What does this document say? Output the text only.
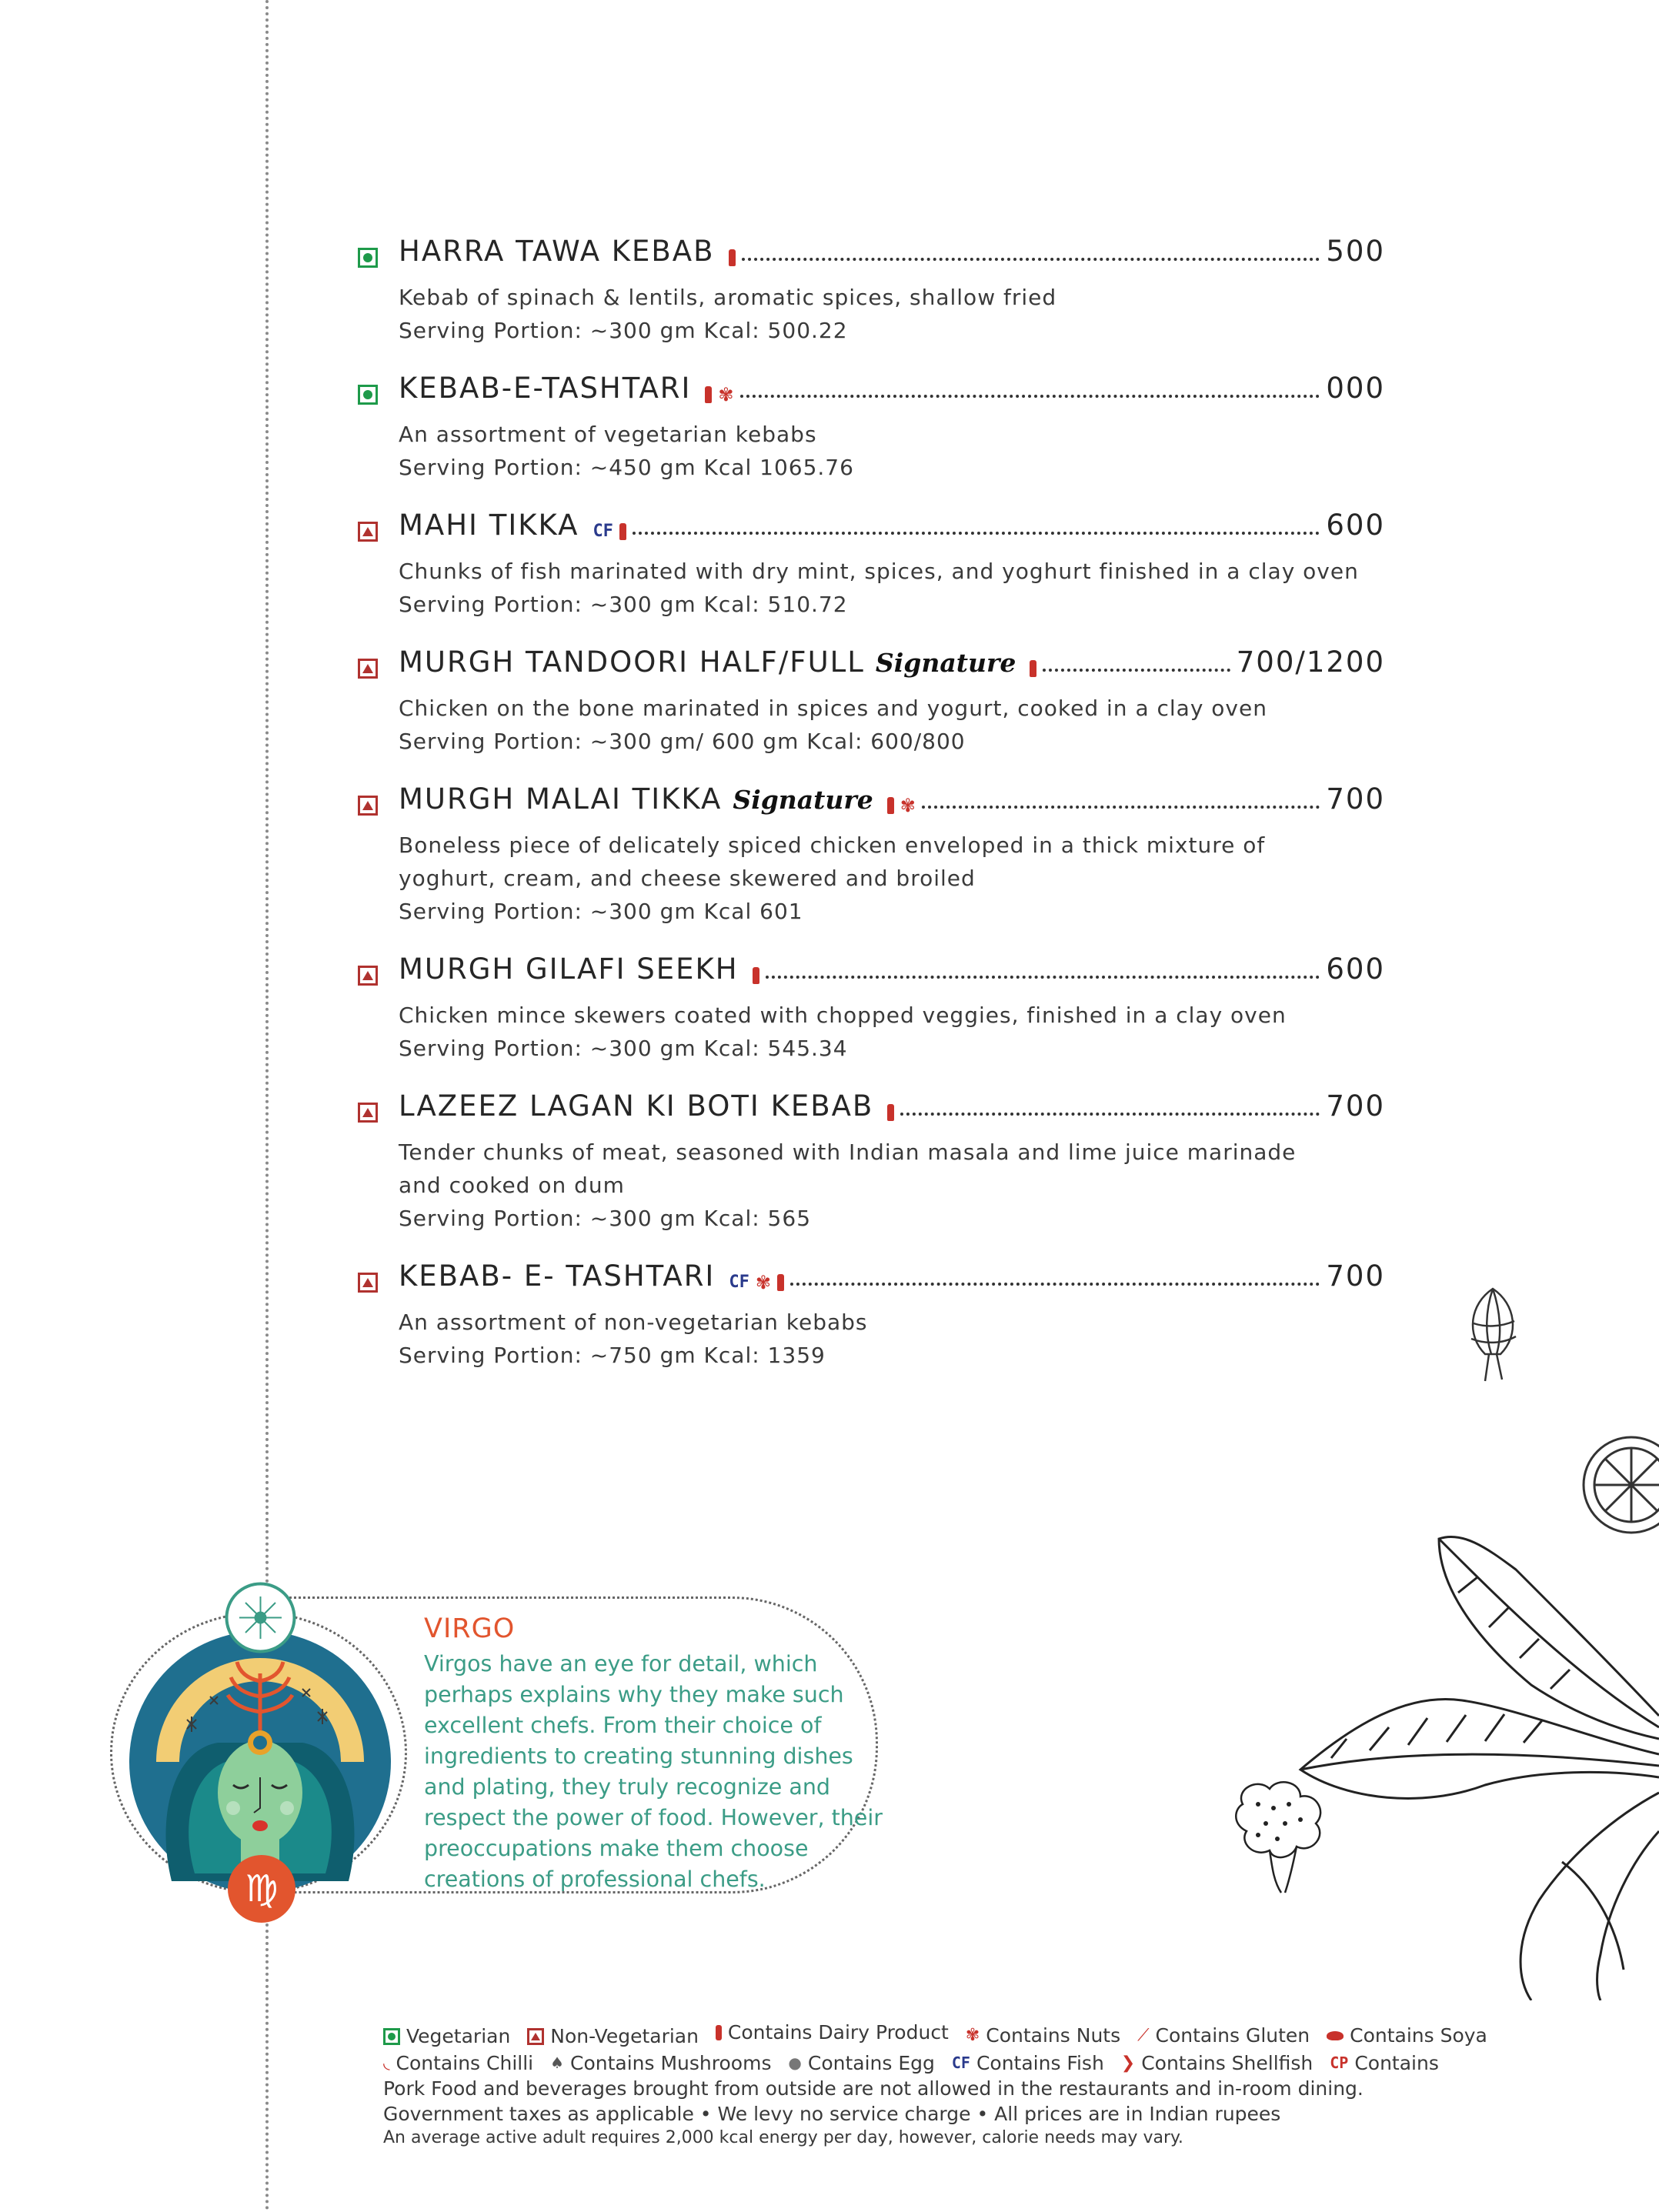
HARRA TAWA KEBAB	500
Kebab of spinach & lentils, aromatic spices, shallow fried
Serving Portion: ~300 gm Kcal: 500.22
KEBAB-E-TASHTARI	✾	000
An assortment of vegetarian kebabs
Serving Portion: ~450 gm Kcal 1065.76
MAHI TIKKA CF	600
Chunks of fish marinated with dry mint, spices, and yoghurt finished in a clay oven
Serving Portion: ~300 gm Kcal: 510.72
MURGH TANDOORI HALF/FULL Signature	700/1200
Chicken on the bone marinated in spices and yogurt, cooked in a clay oven
Serving Portion: ~300 gm/ 600 gm Kcal: 600/800
MURGH MALAI TIKKA Signature	✾	700
Boneless piece of delicately spiced chicken enveloped in a thick mixture of
yoghurt, cream, and cheese skewered and broiled
Serving Portion: ~300 gm Kcal 601
MURGH GILAFI SEEKH	600
Chicken mince skewers coated with chopped veggies, finished in a clay oven
Serving Portion: ~300 gm Kcal: 545.34
LAZEEZ LAGAN KI BOTI KEBAB	700
Tender chunks of meat, seasoned with Indian masala and lime juice marinade
and cooked on dum
Serving Portion: ~300 gm Kcal: 565
KEBAB- E- TASHTARI CF ✾	700
An assortment of non-vegetarian kebabs
Serving Portion: ~750 gm Kcal: 1359
♍
VIRGO
Virgos have an eye for detail, which perhaps explains why they make such excellent chefs. From their choice of ingredients to creating stunning dishes and plating, they truly recognize and respect the power of food. However, their preoccupations make them choose creations of professional chefs.
Vegetarian
Non-Vegetarian
Contains Dairy Product
✾ Contains Nuts
⟋ Contains Gluten
Contains Soya
◟ Contains Chilli
♠ Contains Mushrooms
● Contains Egg
CF Contains Fish
❯ Contains Shellfish
CP Contains
Pork Food and beverages brought from outside are not allowed in the restaurants and in-room dining.
Government taxes as applicable • We levy no service charge • All prices are in Indian rupees
An average active adult requires 2,000 kcal energy per day, however, calorie needs may vary.
